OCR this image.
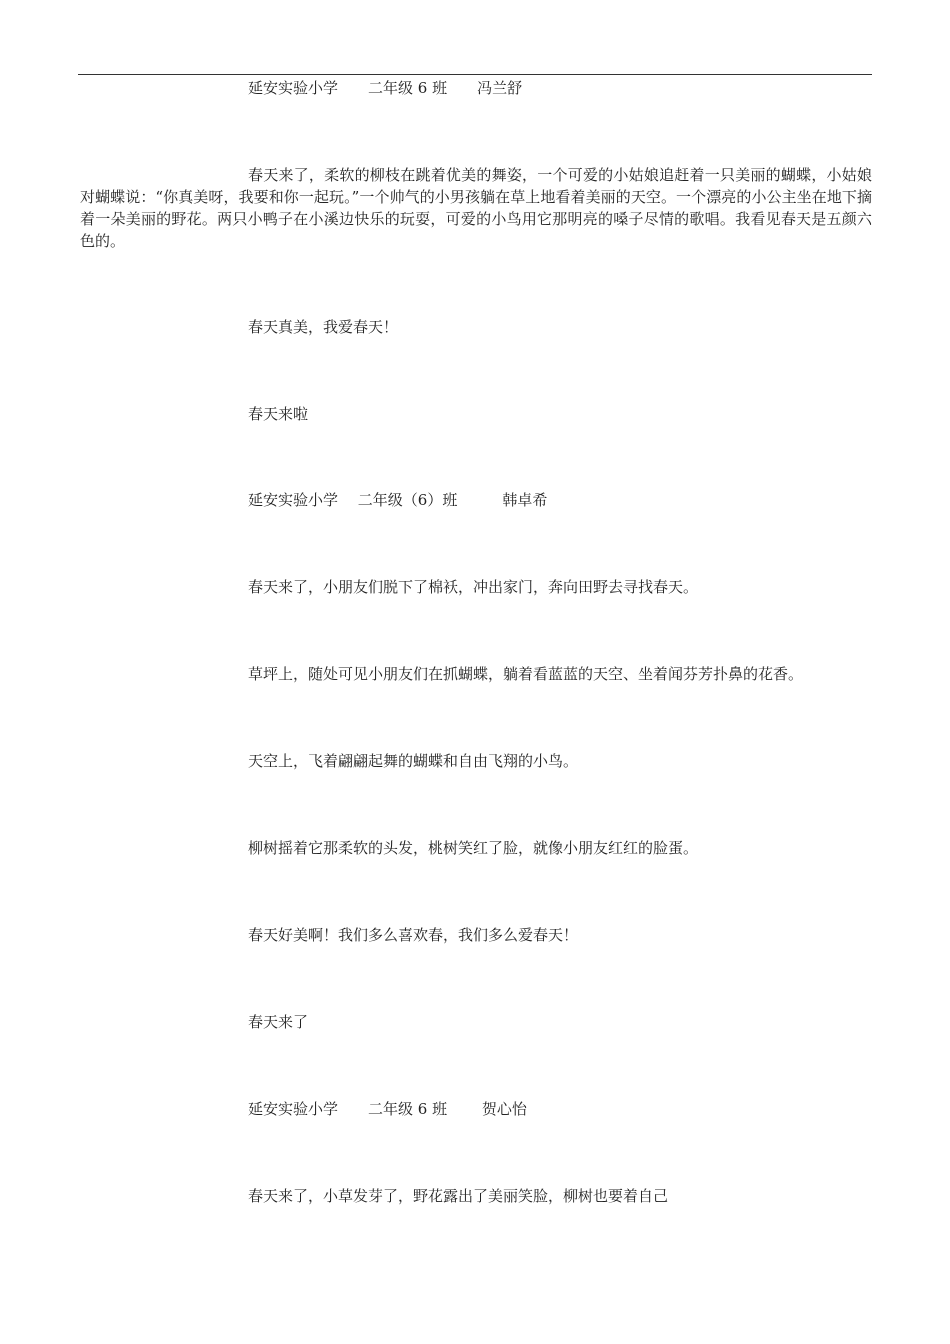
延安实验小学　　二年级 6 班　　冯兰舒
春天来了，柔软的柳枝在跳着优美的舞姿，一个可爱的小姑娘追赶着一只美丽的蝴蝶，小姑娘对蝴蝶说：“你真美呀，我要和你一起玩。”一个帅气的小男孩躺在草上地看着美丽的天空。一个漂亮的小公主坐在地下摘着一朵美丽的野花。两只小鸭子在小溪边快乐的玩耍，可爱的小鸟用它那明亮的嗓子尽情的歌唱。我看见春天是五颜六色的。
春天真美，我爱春天！
春天来啦
延安实验小学　 二年级（6）班　　　韩卓希
春天来了，小朋友们脱下了棉袄，冲出家门，奔向田野去寻找春天。
草坪上，随处可见小朋友们在抓蝴蝶，躺着看蓝蓝的天空、坐着闻芬芳扑鼻的花香。
天空上，飞着翩翩起舞的蝴蝶和自由飞翔的小鸟。
柳树摇着它那柔软的头发，桃树笑红了脸，就像小朋友红红的脸蛋。
春天好美啊！我们多么喜欢春，我们多么爱春天！
春天来了
延安实验小学　　二年级 6 班　　 贺心怡
春天来了，小草发芽了，野花露出了美丽笑脸，柳树也要着自己
